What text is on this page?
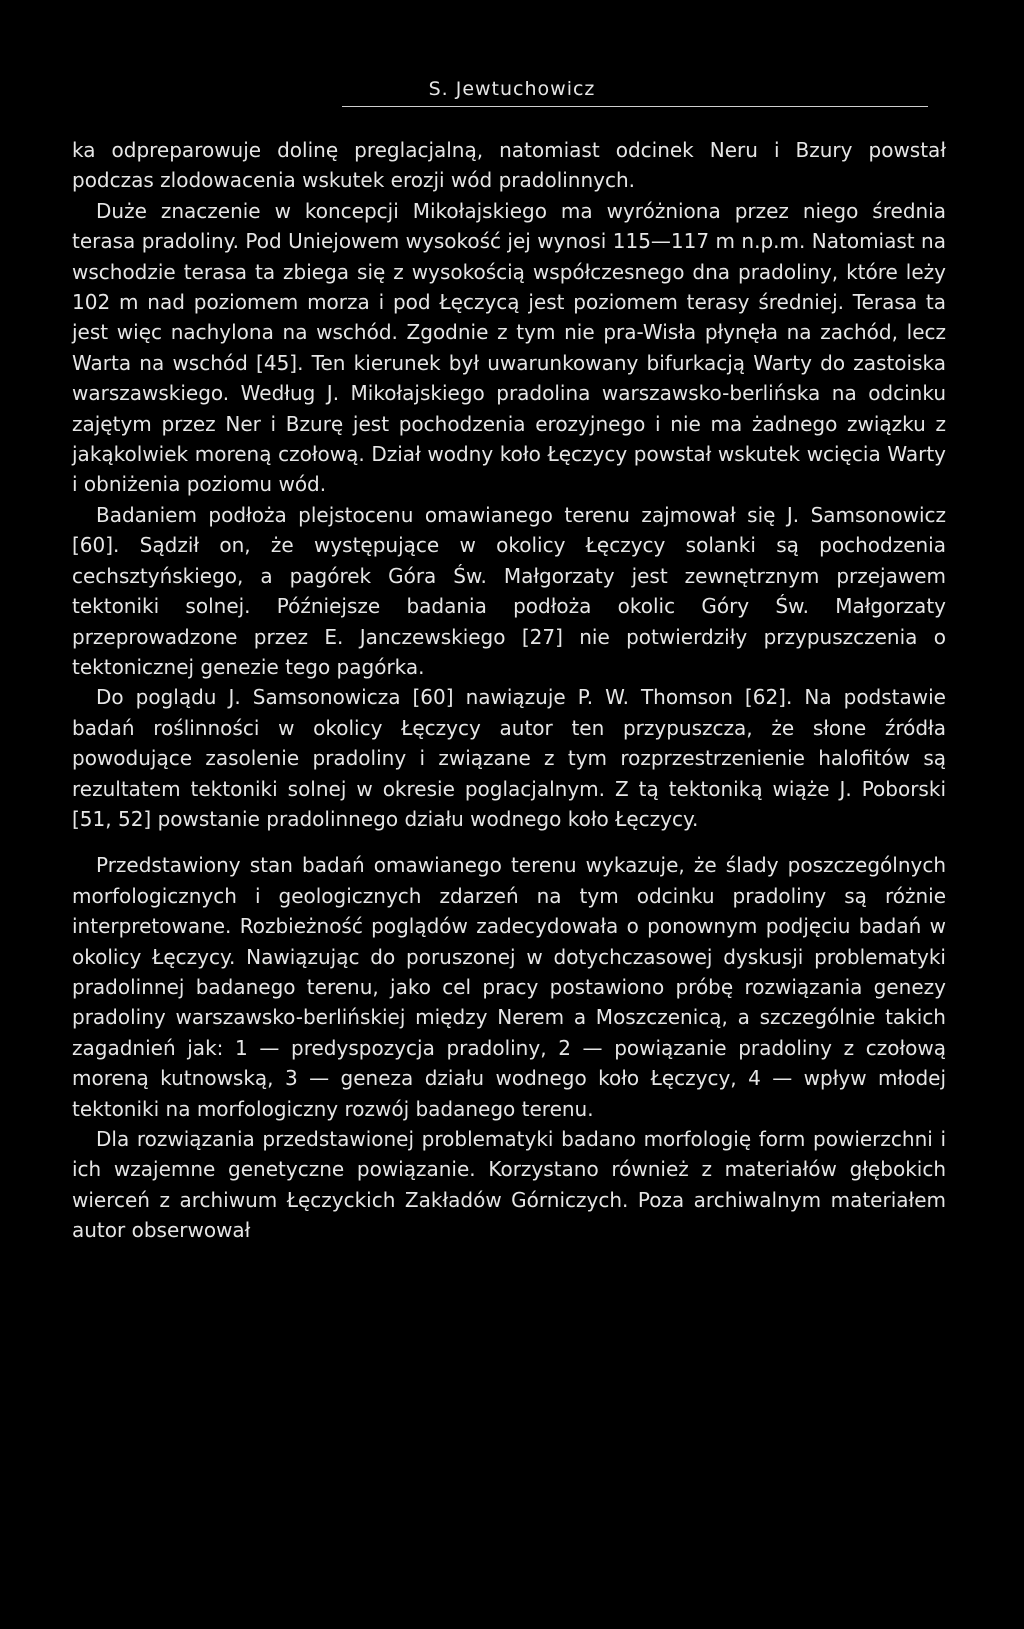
S. Jewtuchowicz

ka odpreparowuje dolinę preglacjalną, natomiast odcinek Neru i Bzury powstał podczas zlodowacenia wskutek erozji wód pradolinnych.

Duże znaczenie w koncepcji Mikołajskiego ma wyróżniona przez niego średnia terasa pradoliny. Pod Uniejowem wysokość jej wynosi 115—117 m n.p.m. Natomiast na wschodzie terasa ta zbiega się z wysokością współczesnego dna pradoliny, które leży 102 m nad poziomem morza i pod Łęczycą jest poziomem terasy średniej. Terasa ta jest więc nachylona na wschód. Zgodnie z tym nie pra-Wisła płynęła na zachód, lecz Warta na wschód [45]. Ten kierunek był uwarunkowany bifurkacją Warty do zastoiska warszawskiego. Według J. Mikołajskiego pradolina warszawsko-berlińska na odcinku zajętym przez Ner i Bzurę jest pochodzenia erozyjnego i nie ma żadnego związku z jakąkolwiek moreną czołową. Dział wodny koło Łęczycy powstał wskutek wcięcia Warty i obniżenia poziomu wód.

Badaniem podłoża plejstocenu omawianego terenu zajmował się J. Samsonowicz [60]. Sądził on, że występujące w okolicy Łęczycy solanki są pochodzenia cechsztyńskiego, a pagórek Góra Św. Małgorzaty jest zewnętrznym przejawem tektoniki solnej. Późniejsze badania podłoża okolic Góry Św. Małgorzaty przeprowadzone przez E. Janczewskiego [27] nie potwierdziły przypuszczenia o tektonicznej genezie tego pagórka.

Do poglądu J. Samsonowicza [60] nawiązuje P. W. Thomson [62]. Na podstawie badań roślinności w okolicy Łęczycy autor ten przypuszcza, że słone źródła powodujące zasolenie pradoliny i związane z tym rozprzestrzenienie halofitów są rezultatem tektoniki solnej w okresie poglacjalnym. Z tą tektoniką wiąże J. Poborski [51, 52] powstanie pradolinnego działu wodnego koło Łęczycy.

Przedstawiony stan badań omawianego terenu wykazuje, że ślady poszczególnych morfologicznych i geologicznych zdarzeń na tym odcinku pradoliny są różnie interpretowane. Rozbieżność poglądów zadecydowała o ponownym podjęciu badań w okolicy Łęczycy. Nawiązując do poruszonej w dotychczasowej dyskusji problematyki pradolinnej badanego terenu, jako cel pracy postawiono próbę rozwiązania genezy pradoliny warszawsko-berlińskiej między Nerem a Moszczenicą, a szczególnie takich zagadnień jak: 1 — predyspozycja pradoliny, 2 — powiązanie pradoliny z czołową moreną kutnowską, 3 — geneza działu wodnego koło Łęczycy, 4 — wpływ młodej tektoniki na morfologiczny rozwój badanego terenu.

Dla rozwiązania przedstawionej problematyki badano morfologię form powierzchni i ich wzajemne genetyczne powiązanie. Korzystano również z materiałów głębokich wierceń z archiwum Łęczyckich Zakładów Górniczych. Poza archiwalnym materiałem autor obserwował
